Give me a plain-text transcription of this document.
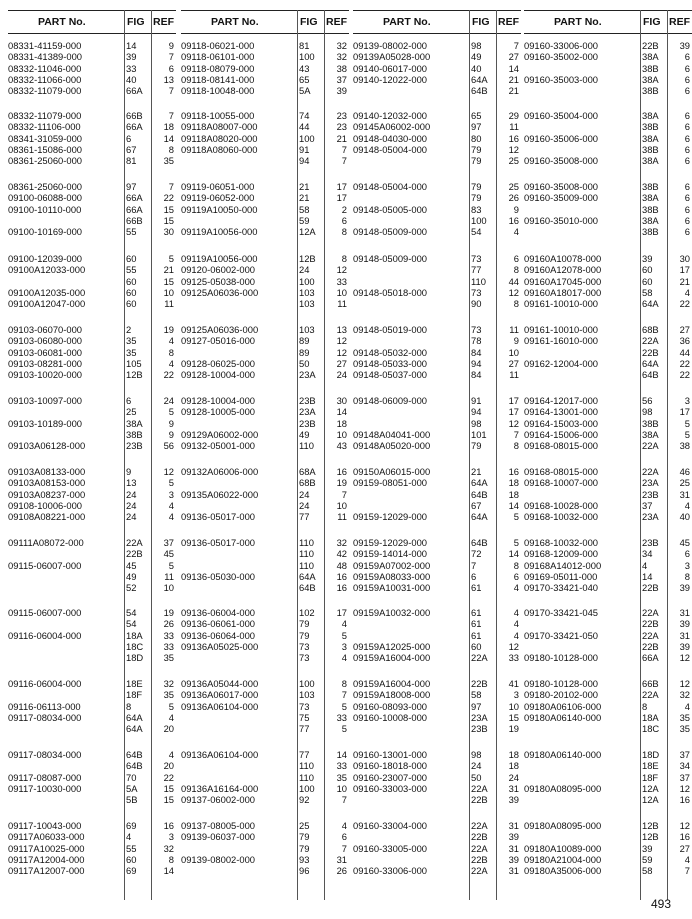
PART No.	FIG REF
08331-41159-000	14	9
08331-41389-000	39	7
08332-11046-000	33	6
08332-11066-000	40	13
08332-11079-000	66A	7
08332-11079-000	66B	7
08332-11106-000	66A	18
08341-31059-000	6	14
08361-15086-000	67	8
08361-25060-000	81	35
08361-25060-000	97	7
09100-06088-000	66A	22
09100-10110-000	66A	15
66B	15
09100-10169-000	55	30
09100-12039-000	60	5
09100A12033-000	55	21
60	15
09100A12035-000	60	10
09100A12047-000	60	11
09103-06070-000	2	19
09103-06080-000	35	4
09103-06081-000	35	8
09103-08281-000	105	4
09103-10020-000	12B	22
09103-10097-000	6	24
25	5
09103-10189-000	38A	9
38B	9
09103A06128-000	23B	56
09103A08133-000	9	12
09103A08153-000	13	5
09103A08237-000	24	3
09108-10006-000	24	4
09108A08221-000	24	4
09111A08072-000	22A	37
22B	45
09115-06007-000	45	5
49	11
52	10
09115-06007-000	54	19
54	26
09116-06004-000	18A	33
18C	33
18D	35
09116-06004-000	18E	32
18F	35
09116-06113-000	8	5
09117-08034-000	64A	4
64A	20
09117-08034-000	64B	4
64B	20
09117-08087-000	70	22
09117-10030-000	5A	15
5B	15
09117-10043-000	69	16
09117A06033-000	4	3
09117A10025-000	55	32
09117A12004-000	60	8
09117A12007-000	69	14
PART No.	FIG REF
09118-06021-000	81	32
09118-06101-000	100	32
09118-08079-000	43	38
09118-08141-000	65	37
09118-10048-000	5A	39
09118-10055-000	74	23
09118A08007-000	44	23
09118A08020-000	100	21
09118A08060-000	91	7
94	7
09119-06051-000	21	17
09119-06052-000	21	17
09119A10050-000	58	2
59	6
09119A10056-000	12A	8
09119A10056-000	12B	8
09120-06002-000	24	12
09125-05038-000	100	33
09125A06036-000	103	10
103	11
09125A06036-000	103	13
09127-05016-000	89	12
89	12
09128-06025-000	50	27
09128-10004-000	23A	24
09128-10004-000	23B	30
09128-10005-000	23A	14
23B	18
09129A06002-000	49	10
09132-05001-000	110	43
09132A06006-000	68A	16
68B	19
09135A06022-000	24	7
24	10
09136-05017-000	77	11
09136-05017-000	110	32
110	42
110	48
09136-05030-000	64A	16
64B	16
09136-06004-000	102	17
09136-06061-000	79	4
09136-06064-000	79	5
09136A05025-000	73	3
73	4
09136A05044-000	100	8
09136A06017-000	103	7
09136A06104-000	73	5
75	33
77	5
09136A06104-000	77	14
110	33
110	35
09136A16164-000	100	10
09137-06002-000	92	7
09137-08005-000	25	4
09139-06037-000	79	6
79	7
09139-08002-000	93	31
96	26
PART No.	FIG REF
09139-08002-000	98	7
09139A05028-000	49	27
09140-06017-000	40	14
09140-12022-000	64A	21
64B	21
09140-12032-000	65	29
09145A06002-000	97	11
09148-04030-000	80	16
09148-05004-000	79	12
79	25
09148-05004-000	79	25
79	26
09148-05005-000	83	9
100	16
09148-05009-000	54	4
09148-05009-000	73	6
77	8
110	44
09148-05018-000	73	12
90	8
09148-05019-000	73	11
78	9
09148-05032-000	84	10
09148-05033-000	94	27
09148-05037-000	84	11
09148-06009-000	91	17
94	17
98	12
09148A04041-000	101	7
09148A05020-000	79	8
09150A06015-000	21	16
09159-08051-000	64A	18
64B	18
67	14
09159-12029-000	64A	5
09159-12029-000	64B	5
09159-14014-000	72	14
09159A07002-000	7	8
09159A08033-000	6	6
09159A10031-000	61	4
09159A10032-000	61	4
61	4
61	4
09159A12025-000	60	12
09159A16004-000	22A	33
09159A16004-000	22B	41
09159A18008-000	58	3
09160-08093-000	97	10
09160-10008-000	23A	15
23B	19
09160-13001-000	98	18
09160-18018-000	24	18
09160-23007-000	50	24
09160-33003-000	22A	31
22B	39
09160-33004-000	22A	31
22B	39
09160-33005-000	22A	31
22B	39
09160-33006-000	22A	31
PART No.	FIG REF
09160-33006-000	22B	39
09160-35002-000	38A	6
38B	6
09160-35003-000	38A	6
38B	6
09160-35004-000	38A	6
38B	6
09160-35006-000	38A	6
38B	6
09160-35008-000	38A	6
09160-35008-000	38B	6
09160-35009-000	38A	6
38B	6
09160-35010-000	38A	6
38B	6
09160A10078-000	39	30
09160A12078-000	60	17
09160A17045-000	60	21
09160A18017-000	58	4
09161-10010-000	64A	22
09161-10010-000	68B	27
09161-16010-000	22A	36
22B	44
09162-12004-000	64A	22
64B	22
09164-12017-000	56	3
09164-13001-000	98	17
09164-15003-000	38B	5
09164-15006-000	38A	5
09168-08015-000	22A	38
09168-08015-000	22A	46
09168-10007-000	23A	25
23B	31
09168-10028-000	37	4
09168-10032-000	23A	40
09168-10032-000	23B	45
09168-12009-000	34	6
09168A14012-000	4	3
09169-05011-000	14	8
09170-33421-040	22B	39
09170-33421-045	22A	31
22B	39
09170-33421-050	22A	31
22B	39
09180-10128-000	66A	12
09180-10128-000	66B	12
09180-20102-000	22A	32
09180A06106-000	8	4
09180A06140-000	18A	35
18C	35
09180A06140-000	18D	37
18E	34
18F	37
09180A08095-000	12A	12
12A	16
09180A08095-000	12B	12
12B	16
09180A10089-000	39	27
09180A21004-000	59	4
09180A35006-000	58	7
493
